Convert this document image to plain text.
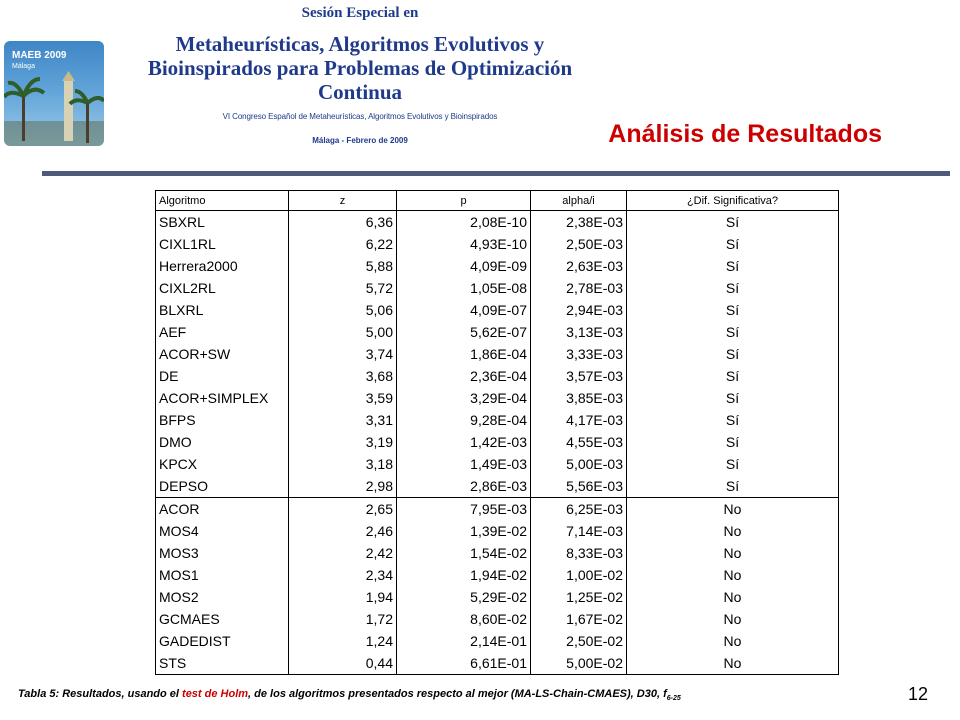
MAEB 2009
Málaga
Sesión Especial en
Metaheurísticas, Algoritmos Evolutivos y
Bioinspirados para Problemas de Optimización
Continua
VI Congreso Español de Metaheurísticas, Algoritmos Evolutivos y Bioinspirados
Málaga - Febrero de 2009	Análisis de Resultados
Algoritmo	z	p	alpha/i	¿Dif. Significativa?
SBXRL	6,36	2,08E-10	2,38E-03	Sí
CIXL1RL	6,22	4,93E-10	2,50E-03	Sí
Herrera2000	5,88	4,09E-09	2,63E-03	Sí
CIXL2RL	5,72	1,05E-08	2,78E-03	Sí
BLXRL	5,06	4,09E-07	2,94E-03	Sí
AEF	5,00	5,62E-07	3,13E-03	Sí
ACOR+SW	3,74	1,86E-04	3,33E-03	Sí
DE	3,68	2,36E-04	3,57E-03	Sí
ACOR+SIMPLEX	3,59	3,29E-04	3,85E-03	Sí
BFPS	3,31	9,28E-04	4,17E-03	Sí
DMO	3,19	1,42E-03	4,55E-03	Sí
KPCX	3,18	1,49E-03	5,00E-03	Sí
DEPSO	2,98	2,86E-03	5,56E-03	Sí
ACOR	2,65	7,95E-03	6,25E-03	No
MOS4	2,46	1,39E-02	7,14E-03	No
MOS3	2,42	1,54E-02	8,33E-03	No
MOS1	2,34	1,94E-02	1,00E-02	No
MOS2	1,94	5,29E-02	1,25E-02	No
GCMAES	1,72	8,60E-02	1,67E-02	No
GADEDIST	1,24	2,14E-01	2,50E-02	No
STS	0,44	6,61E-01	5,00E-02	No
Tabla 5: Resultados, usando el test de Holm, de los algoritmos presentados respecto al mejor (MA-LS-Chain-CMAES), D30, $f_{6-25}$	12
